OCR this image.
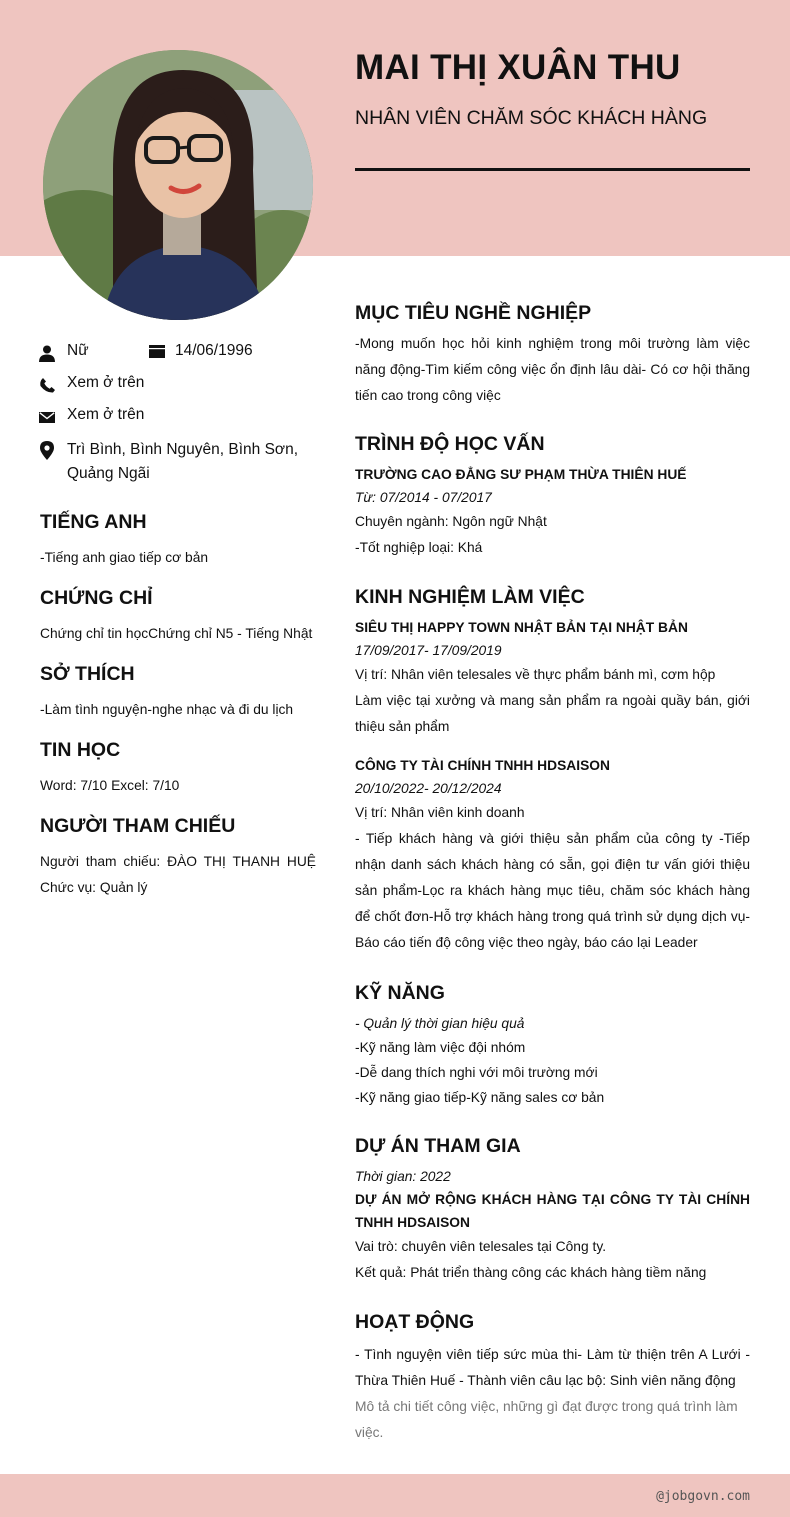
MAI THỊ XUÂN THU
NHÂN VIÊN CHĂM SÓC KHÁCH HÀNG
Nữ	14/06/1996
Xem ở trên
Xem ở trên
Trì Bình, Bình Nguyên, Bình Sơn,
Quảng Ngãi
TIẾNG ANH
-Tiếng anh giao tiếp cơ bản
CHỨNG CHỈ
Chứng chỉ tin họcChứng chỉ N5 - Tiếng Nhật
SỞ THÍCH
-Làm tình nguyện-nghe nhạc và đi du lịch
TIN HỌC
Word: 7/10 Excel: 7/10
NGƯỜI THAM CHIẾU
Người tham chiếu: ĐÀO THỊ THANH HUỆ Chức vụ: Quản lý
MỤC TIÊU NGHỀ NGHIỆP
-Mong muốn học hỏi kinh nghiệm trong môi trường làm việc năng động-Tìm kiếm công việc ổn định lâu dài- Có cơ hội thăng tiến cao trong công việc
TRÌNH ĐỘ HỌC VẤN
TRƯỜNG CAO ĐẲNG SƯ PHẠM THỪA THIÊN HUẾ
Từ: 07/2014 - 07/2017
Chuyên ngành: Ngôn ngữ Nhật
-Tốt nghiệp loại: Khá
KINH NGHIỆM LÀM VIỆC
SIÊU THỊ HAPPY TOWN NHẬT BẢN TẠI NHẬT BẢN
17/09/2017- 17/09/2019
Vị trí: Nhân viên telesales về thực phẩm bánh mì, cơm hộp
Làm việc tại xưởng và mang sản phẩm ra ngoài quầy bán, giới thiệu sản phẩm
CÔNG TY TÀI CHÍNH TNHH HDSAISON
20/10/2022- 20/12/2024
Vị trí: Nhân viên kinh doanh
- Tiếp khách hàng và giới thiệu sản phẩm của công ty -Tiếp nhận danh sách khách hàng có sẵn, gọi điện tư vấn giới thiệu sản phẩm-Lọc ra khách hàng mục tiêu, chăm sóc khách hàng để chốt đơn-Hỗ trợ khách hàng trong quá trình sử dụng dịch vụ-Báo cáo tiến độ công việc theo ngày, báo cáo lại Leader
KỸ NĂNG
- Quản lý thời gian hiệu quả
-Kỹ năng làm việc đội nhóm
-Dễ dang thích nghi với môi trường mới
-Kỹ năng giao tiếp-Kỹ năng sales cơ bản
DỰ ÁN THAM GIA
Thời gian: 2022
DỰ ÁN MỞ RỘNG KHÁCH HÀNG TẠI CÔNG TY TÀI CHÍNH TNHH HDSAISON
Vai trò: chuyên viên telesales tại Công ty.
Kết quả: Phát triển thàng công các khách hàng tiềm năng
HOẠT ĐỘNG
- Tình nguyện viên tiếp sức mùa thi- Làm từ thiện trên A Lưới - Thừa Thiên Huế - Thành viên câu lạc bộ: Sinh viên năng động
Mô tả chi tiết công việc, những gì đạt được trong quá trình làm việc.
@jobgovn.com
